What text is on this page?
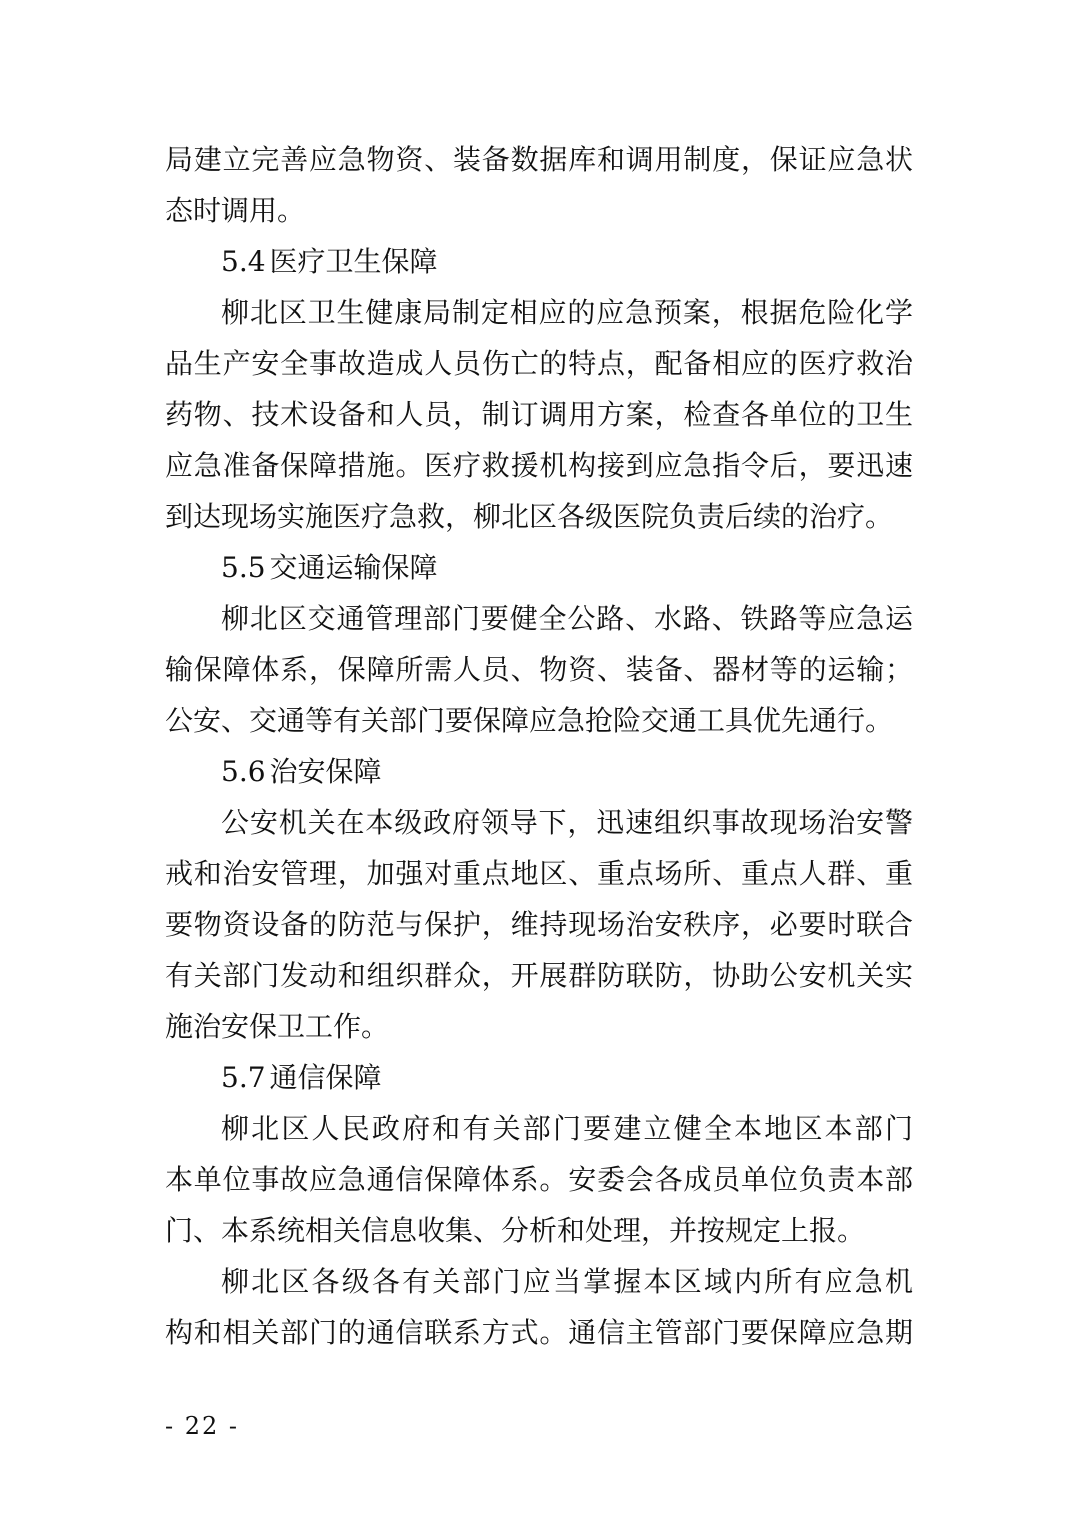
局建立完善应急物资、装备数据库和调用制度，保证应急状
态时调用。
5.4 医疗卫生保障
柳北区卫生健康局制定相应的应急预案，根据危险化学
品生产安全事故造成人员伤亡的特点，配备相应的医疗救治
药物、技术设备和人员，制订调用方案，检查各单位的卫生
应急准备保障措施。医疗救援机构接到应急指令后，要迅速
到达现场实施医疗急救，柳北区各级医院负责后续的治疗。
5.5 交通运输保障
柳北区交通管理部门要健全公路、水路、铁路等应急运
输保障体系，保障所需人员、物资、装备、器材等的运输；
公安、交通等有关部门要保障应急抢险交通工具优先通行。
5.6 治安保障
公安机关在本级政府领导下，迅速组织事故现场治安警
戒和治安管理，加强对重点地区、重点场所、重点人群、重
要物资设备的防范与保护，维持现场治安秩序，必要时联合
有关部门发动和组织群众，开展群防联防，协助公安机关实
施治安保卫工作。
5.7 通信保障
柳北区人民政府和有关部门要建立健全本地区本部门
本单位事故应急通信保障体系。安委会各成员单位负责本部
门、本系统相关信息收集、分析和处理，并按规定上报。
柳北区各级各有关部门应当掌握本区域内所有应急机
构和相关部门的通信联系方式。通信主管部门要保障应急期
- 22 -
